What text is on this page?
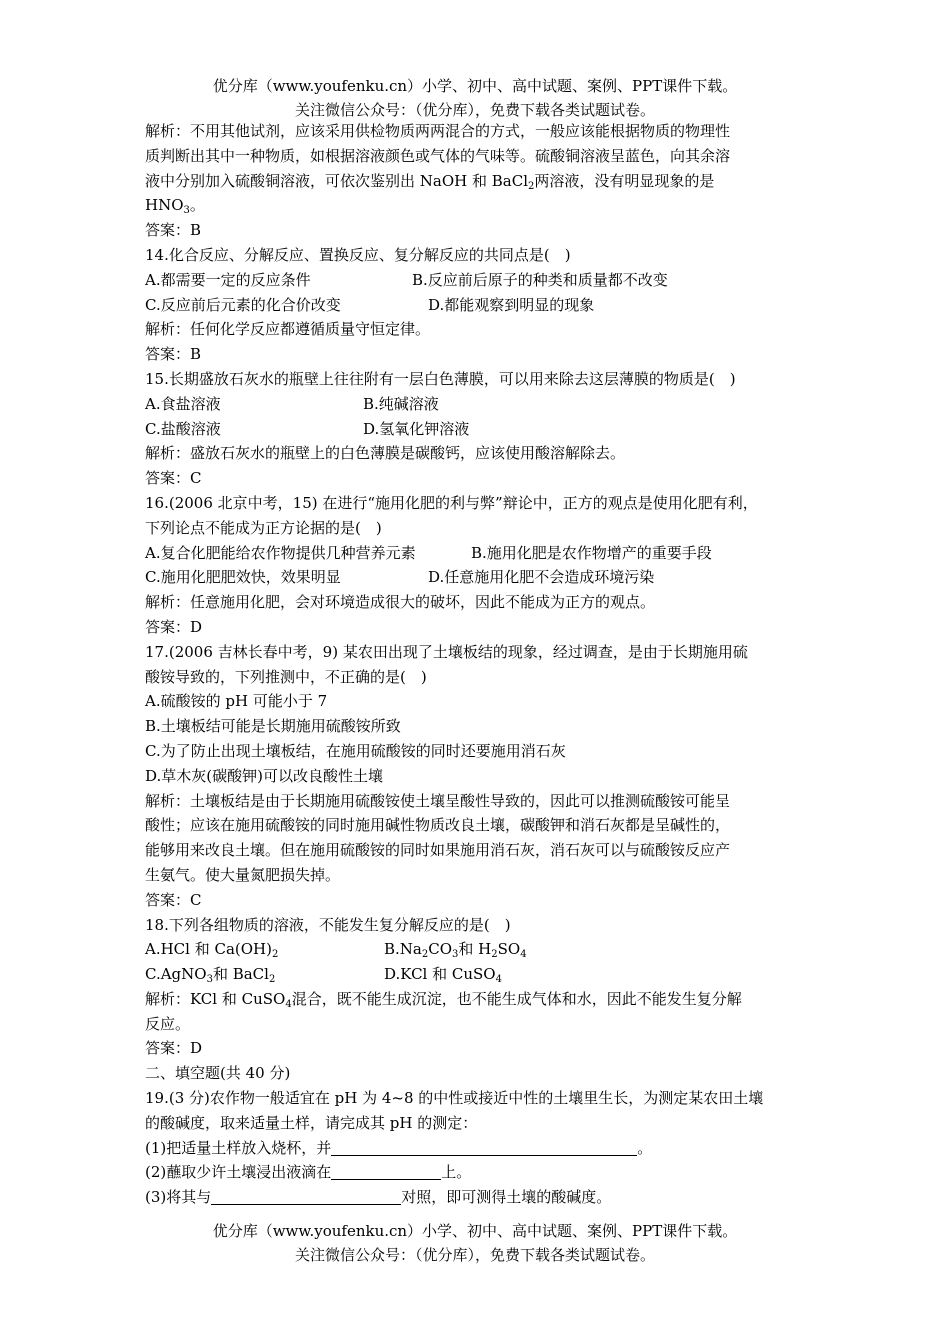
优分库（www.youfenku.cn）小学、初中、高中试题、案例、PPT课件下载。
关注微信公众号：（优分库），免费下载各类试题试卷。
解析：不用其他试剂，应该采用供检物质两两混合的方式，一般应该能根据物质的物理性
质判断出其中一种物质，如根据溶液颜色或气体的气味等。硫酸铜溶液呈蓝色，向其余溶
液中分别加入硫酸铜溶液，可依次鉴别出 NaOH 和 BaCl$_2$两溶液，没有明显现象的是
$HNO_3$。
答案：B
14.化合反应、分解反应、置换反应、复分解反应的共同点是(　)
A.都需要一定的反应条件	B.反应前后原子的种类和质量都不改变
C.反应前后元素的化合价改变	D.都能观察到明显的现象
解析：任何化学反应都遵循质量守恒定律。
答案：B
15.长期盛放石灰水的瓶壁上往往附有一层白色薄膜，可以用来除去这层薄膜的物质是(　)
A.食盐溶液	B.纯碱溶液
C.盐酸溶液	D.氢氧化钾溶液
解析：盛放石灰水的瓶壁上的白色薄膜是碳酸钙，应该使用酸溶解除去。
答案：C
16.(2006 北京中考，15) 在进行“施用化肥的利与弊”辩论中，正方的观点是使用化肥有利，
下列论点不能成为正方论据的是(　)
A.复合化肥能给农作物提供几种营养元素	B.施用化肥是农作物增产的重要手段
C.施用化肥肥效快，效果明显	D.任意施用化肥不会造成环境污染
解析：任意施用化肥，会对环境造成很大的破坏，因此不能成为正方的观点。
答案：D
17.(2006 吉林长春中考，9) 某农田出现了土壤板结的现象，经过调查，是由于长期施用硫
酸铵导致的，下列推测中，不正确的是(　)
A.硫酸铵的 pH 可能小于 7
B.土壤板结可能是长期施用硫酸铵所致
C.为了防止出现土壤板结，在施用硫酸铵的同时还要施用消石灰
D.草木灰(碳酸钾)可以改良酸性土壤
解析：土壤板结是由于长期施用硫酸铵使土壤呈酸性导致的，因此可以推测硫酸铵可能呈
酸性；应该在施用硫酸铵的同时施用碱性物质改良土壤，碳酸钾和消石灰都是呈碱性的，
能够用来改良土壤。但在施用硫酸铵的同时如果施用消石灰，消石灰可以与硫酸铵反应产
生氨气。使大量氮肥损失掉。
答案：C
18.下列各组物质的溶液，不能发生复分解反应的是(　)
A.HCl 和 $Ca(OH)_2$	$B.Na_2CO_3$和 $H_2SO_4$
C.AgNO$_3$和 BaCl$_2$	D.KCl 和 CuSO$_4$
解析：KCl 和 CuSO$_4$混合，既不能生成沉淀，也不能生成气体和水，因此不能发生复分解
反应。
答案：D
二、填空题(共 40 分)
19.(3 分)农作物一般适宜在 pH 为 4~8 的中性或接近中性的土壤里生长，为测定某农田土壤
的酸碱度，取来适量土样，请完成其 pH 的测定：
(1)把适量土样放入烧杯，并	。
(2)蘸取少许土壤浸出液滴在	上。
(3)将其与	对照，即可测得土壤的酸碱度。
优分库（www.youfenku.cn）小学、初中、高中试题、案例、PPT课件下载。
关注微信公众号：（优分库），免费下载各类试题试卷。
